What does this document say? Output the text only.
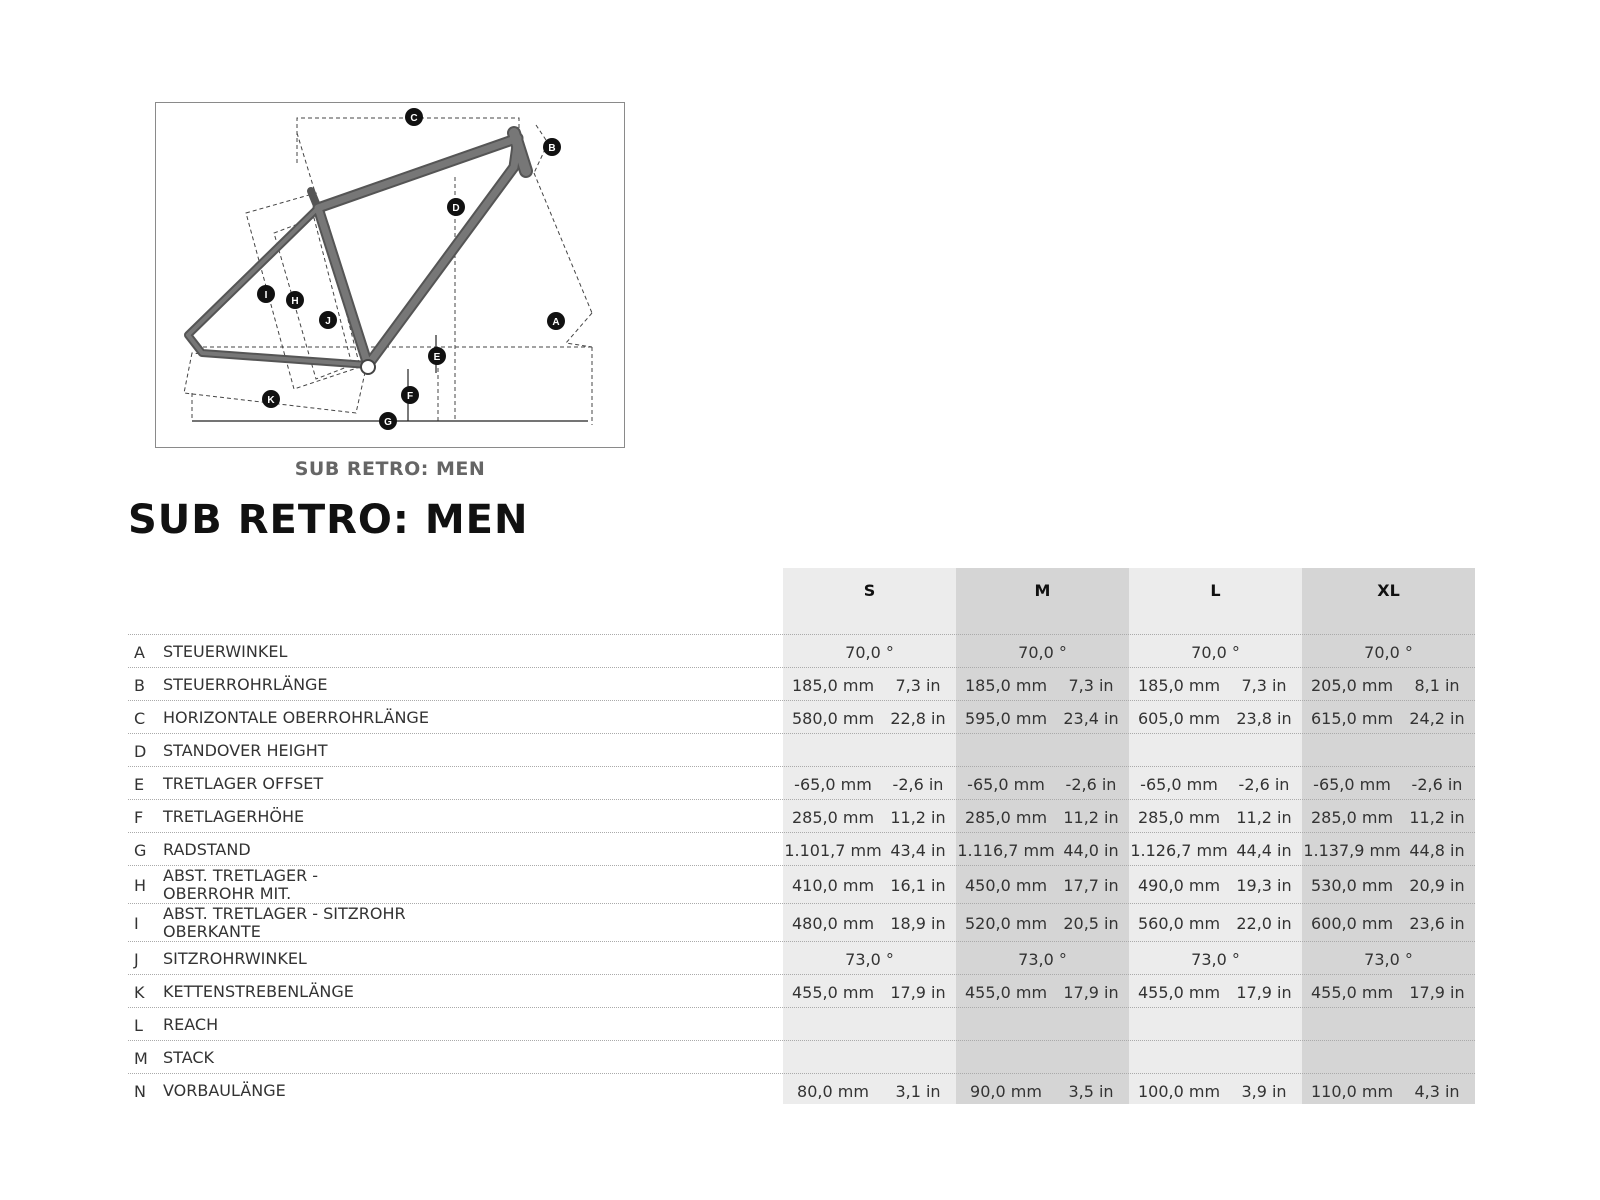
C
B
D
A
I
H
J
E
F
K
G
SUB RETRO: MEN
SUB RETRO: MEN
S	M	L	XL
A STEUERWINKEL	70,0 °	70,0 °	70,0 °	70,0 °
B STEUERROHRLÄNGE	185,0 mm	7,3 in	185,0 mm	7,3 in	185,0 mm	7,3 in	205,0 mm	8,1 in
C HORIZONTALE OBERROHRLÄNGE	580,0 mm	22,8 in	595,0 mm	23,4 in	605,0 mm	23,8 in	615,0 mm	24,2 in
D STANDOVER HEIGHT
E TRETLAGER OFFSET	-65,0 mm	-2,6 in	-65,0 mm	-2,6 in	-65,0 mm	-2,6 in	-65,0 mm	-2,6 in
F TRETLAGERHÖHE	285,0 mm	11,2 in	285,0 mm	11,2 in	285,0 mm	11,2 in	285,0 mm	11,2 in
G RADSTAND	1.101,7 mm 43,4 in 1.116,7 mm 44,0 in 1.126,7 mm 44,4 in 1.137,9 mm 44,8 in
H
ABST. TRETLAGER - OBERROHR MIT.	410,0 mm	16,1 in	450,0 mm	17,7 in	490,0 mm	19,3 in	530,0 mm	20,9 in
I
ABST. TRETLAGER - SITZROHR OBERKANTE	480,0 mm	18,9 in	520,0 mm	20,5 in	560,0 mm	22,0 in	600,0 mm	23,6 in
J SITZROHRWINKEL	73,0 °	73,0 °	73,0 °	73,0 °
K KETTENSTREBENLÄNGE	455,0 mm	17,9 in	455,0 mm	17,9 in	455,0 mm	17,9 in	455,0 mm	17,9 in
L REACH
M STACK
N VORBAULÄNGE	80,0 mm	3,1 in	90,0 mm	3,5 in	100,0 mm	3,9 in	110,0 mm	4,3 in
